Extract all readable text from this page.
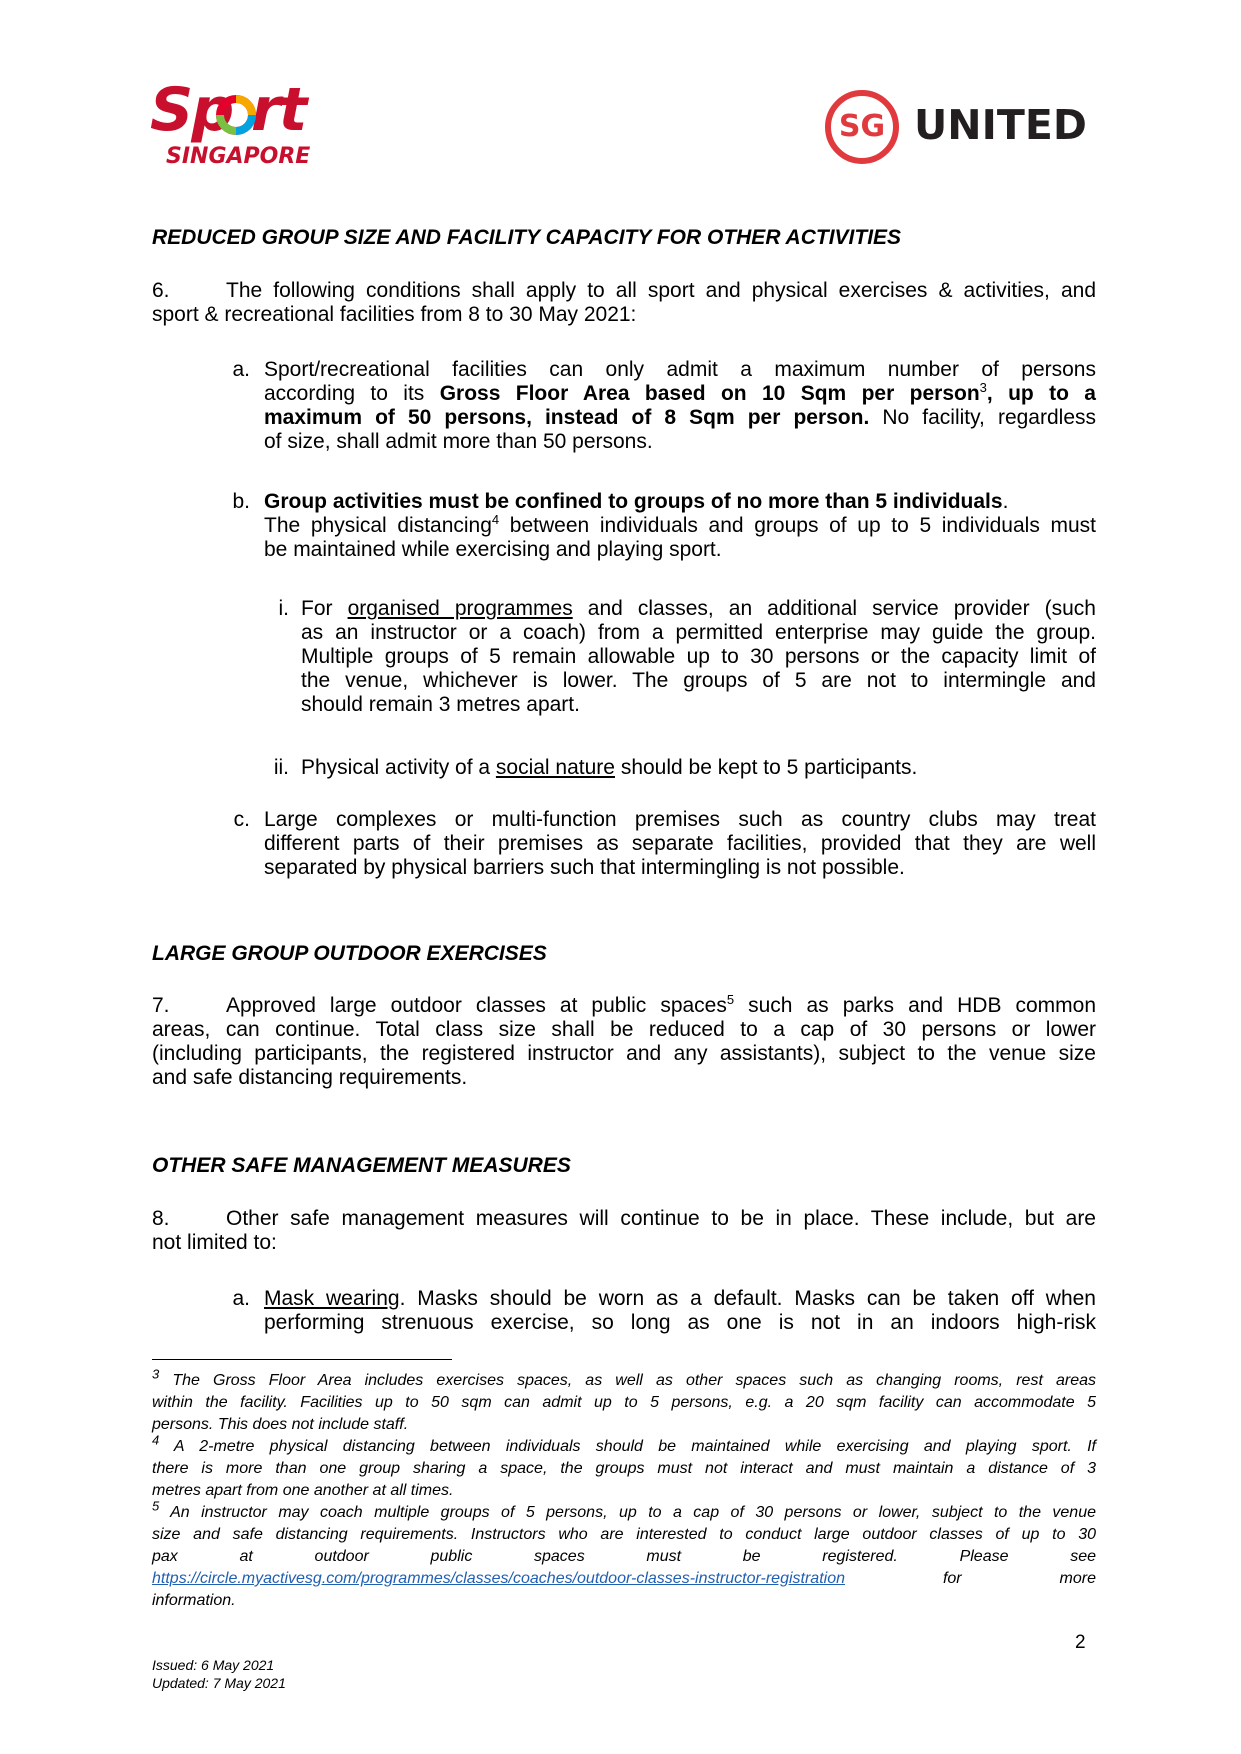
Sp rt
SINGAPORE
SG UNITED
REDUCED GROUP SIZE AND FACILITY CAPACITY FOR OTHER ACTIVITIES
6.	The following conditions shall apply to all sport and physical exercises & activities, and
sport & recreational facilities from 8 to 30 May 2021:
a. Sport/recreational facilities can only admit a maximum number of persons
according to its Gross Floor Area based on 10 Sqm per person$^3$, up to a
maximum of 50 persons, instead of 8 Sqm per person. No facility, regardless
of size, shall admit more than 50 persons.
b. Group activities must be confined to groups of no more than 5 individuals.
The physical distancing$^4$ between individuals and groups of up to 5 individuals must
be maintained while exercising and playing sport.
i. For organised programmes and classes, an additional service provider (such
as an instructor or a coach) from a permitted enterprise may guide the group.
Multiple groups of 5 remain allowable up to 30 persons or the capacity limit of
the venue, whichever is lower. The groups of 5 are not to intermingle and
should remain 3 metres apart.
ii. Physical activity of a social nature should be kept to 5 participants.
c. Large complexes or multi-function premises such as country clubs may treat
different parts of their premises as separate facilities, provided that they are well
separated by physical barriers such that intermingling is not possible.
LARGE GROUP OUTDOOR EXERCISES
7.	Approved large outdoor classes at public spaces$^5$ such as parks and HDB common
areas, can continue. Total class size shall be reduced to a cap of 30 persons or lower
(including participants, the registered instructor and any assistants), subject to the venue size
and safe distancing requirements.
OTHER SAFE MANAGEMENT MEASURES
8.	Other safe management measures will continue to be in place. These include, but are
not limited to:
a. Mask wearing. Masks should be worn as a default. Masks can be taken off when
performing strenuous exercise, so long as one is not in an indoors high-risk
$^3$ The Gross Floor Area includes exercises spaces, as well as other spaces such as changing rooms, rest areas
within the facility. Facilities up to 50 sqm can admit up to 5 persons, e.g. a 20 sqm facility can accommodate 5
persons. This does not include staff.
$^4$ A 2-metre physical distancing between individuals should be maintained while exercising and playing sport. If
there is more than one group sharing a space, the groups must not interact and must maintain a distance of 3
metres apart from one another at all times.
$^5$ An instructor may coach multiple groups of 5 persons, up to a cap of 30 persons or lower, subject to the venue
size and safe distancing requirements. Instructors who are interested to conduct large outdoor classes of up to 30
pax at outdoor public spaces must be registered. Please see
https://circle.myactivesg.com/programmes/classes/coaches/outdoor-classes-instructor-registration	for more
information.
2
Issued: 6 May 2021
Updated: 7 May 2021
